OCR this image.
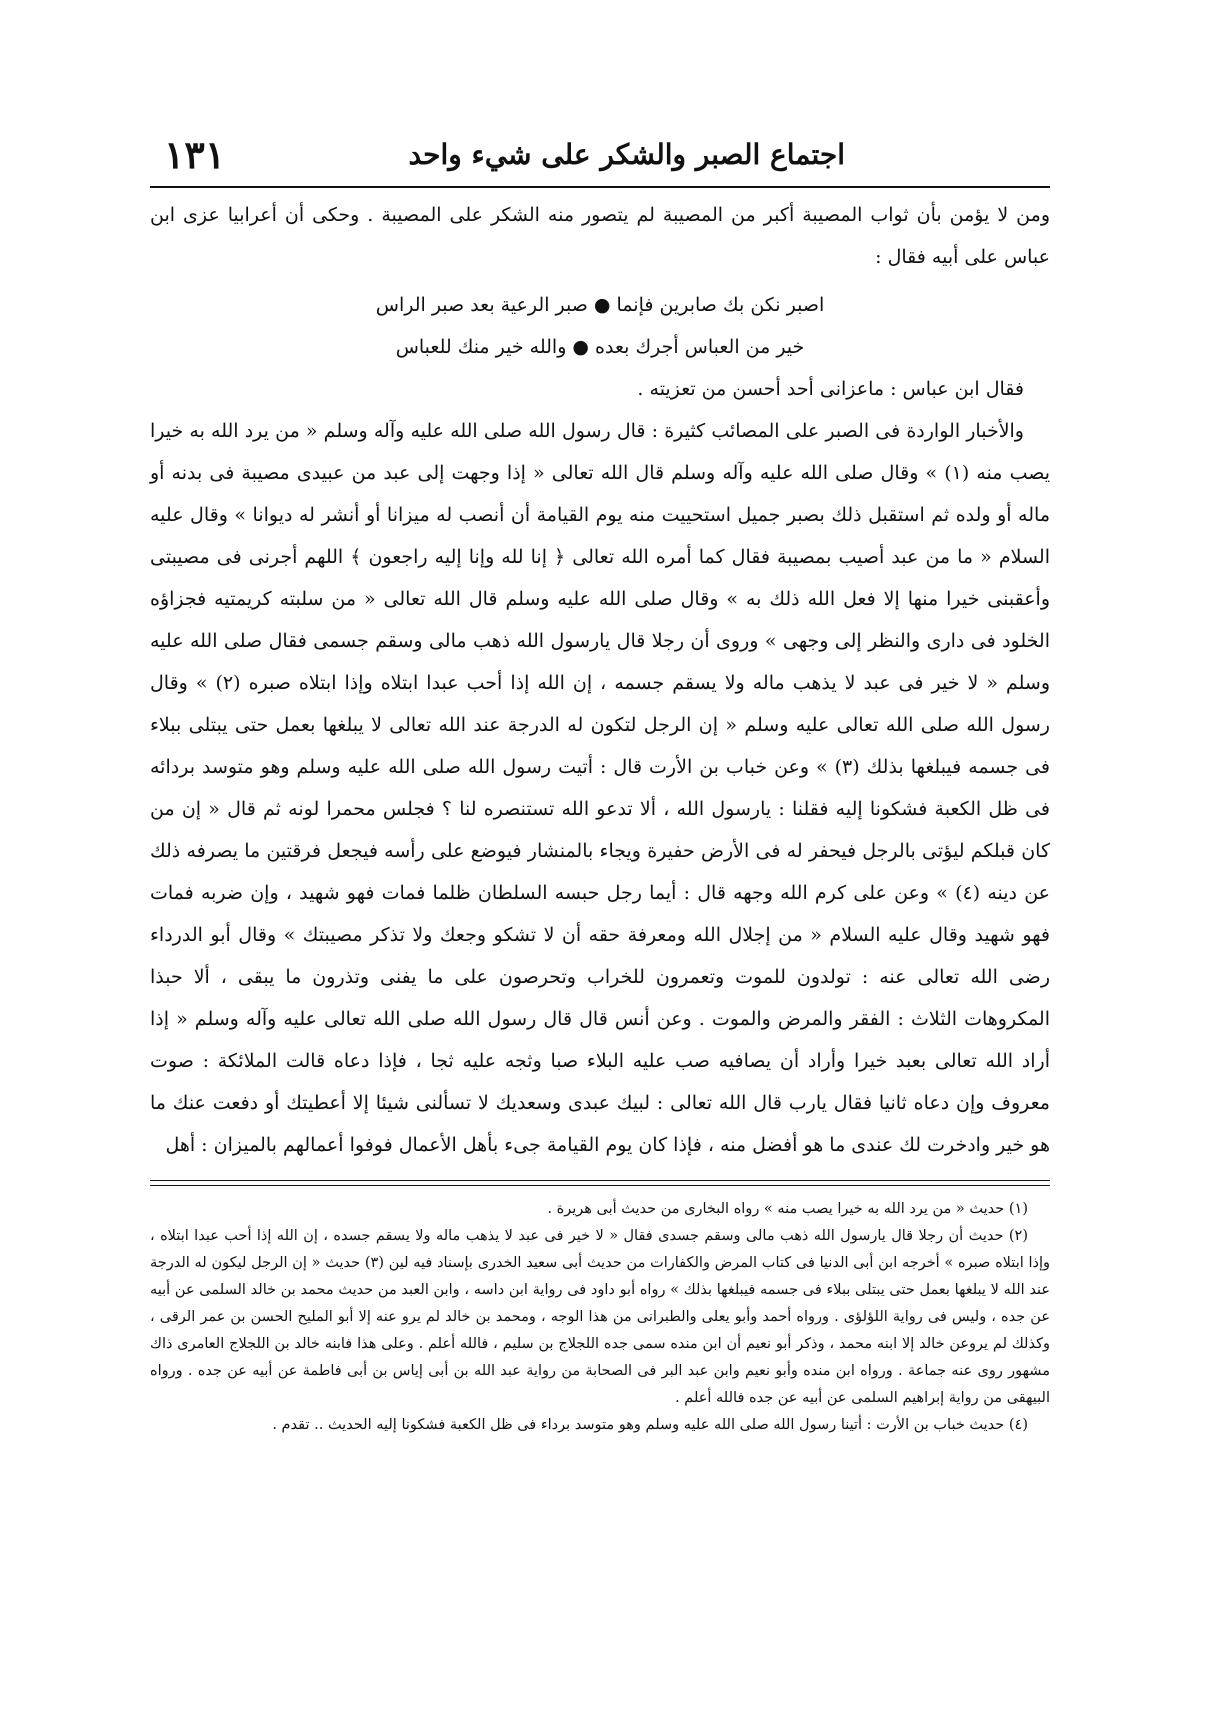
اجتماع الصبر والشكر على شيء واحد
١٣١

ومن لا يؤمن بأن ثواب المصيبة أكبر من المصيبة لم يتصور منه الشكر على المصيبة . وحكى أن أعرابيا عزى ابن عباس على أبيه فقال :

اصبر نكن بك صابرين فإنما ● صبر الرعية بعد صبر الراس
خير من العباس أجرك بعده ● والله خير منك للعباس

فقال ابن عباس : ماعزانى أحد أحسن من تعزيته .

والأخبار الواردة فى الصبر على المصائب كثيرة : قال رسول الله صلى الله عليه وآله وسلم « من يرد الله به خيرا يصب منه (١) » وقال صلى الله عليه وآله وسلم قال الله تعالى « إذا وجهت إلى عبد من عبيدى مصيبة فى بدنه أو ماله أو ولده ثم استقبل ذلك بصبر جميل استحييت منه يوم القيامة أن أنصب له ميزانا أو أنشر له ديوانا » وقال عليه السلام « ما من عبد أصيب بمصيبة فقال كما أمره الله تعالى ﴿ إنا لله وإنا إليه راجعون ﴾ اللهم أجرنى فى مصيبتى وأعقبنى خيرا منها إلا فعل الله ذلك به » وقال صلى الله عليه وسلم قال الله تعالى « من سلبته كريمتيه فجزاؤه الخلود فى دارى والنظر إلى وجهى » وروى أن رجلا قال يارسول الله ذهب مالى وسقم جسمى فقال صلى الله عليه وسلم « لا خير فى عبد لا يذهب ماله ولا يسقم جسمه ، إن الله إذا أحب عبدا ابتلاه وإذا ابتلاه صبره (٢) » وقال رسول الله صلى الله تعالى عليه وسلم « إن الرجل لتكون له الدرجة عند الله تعالى لا يبلغها بعمل حتى يبتلى ببلاء فى جسمه فيبلغها بذلك (٣) » وعن خباب بن الأرت قال : أتيت رسول الله صلى الله عليه وسلم وهو متوسد بردائه فى ظل الكعبة فشكونا إليه فقلنا : يارسول الله ، ألا تدعو الله تستنصره لنا ؟ فجلس محمرا لونه ثم قال « إن من كان قبلكم ليؤتى بالرجل فيحفر له فى الأرض حفيرة ويجاء بالمنشار فيوضع على رأسه فيجعل فرقتين ما يصرفه ذلك عن دينه (٤) » وعن على كرم الله وجهه قال : أيما رجل حبسه السلطان ظلما فمات فهو شهيد ، وإن ضربه فمات فهو شهيد وقال عليه السلام « من إجلال الله ومعرفة حقه أن لا تشكو وجعك ولا تذكر مصيبتك » وقال أبو الدرداء رضى الله تعالى عنه : تولدون للموت وتعمرون للخراب وتحرصون على ما يفنى وتذرون ما يبقى ، ألا حبذا المكروهات الثلاث : الفقر والمرض والموت . وعن أنس قال قال رسول الله صلى الله تعالى عليه وآله وسلم « إذا أراد الله تعالى بعبد خيرا وأراد أن يصافيه صب عليه البلاء صبا وثجه عليه ثجا ، فإذا دعاه قالت الملائكة : صوت معروف وإن دعاه ثانيا فقال يارب قال الله تعالى : لبيك عبدى وسعديك لا تسألنى شيئا إلا أعطيتك أو دفعت عنك ما هو خير وادخرت لك عندى ما هو أفضل منه ، فإذا كان يوم القيامة جىء بأهل الأعمال فوفوا أعمالهم بالميزان : أهل

(١) حديث « من يرد الله به خيرا يصب منه » رواه البخارى من حديث أبى هريرة .

(٢) حديث أن رجلا قال يارسول الله ذهب مالى وسقم جسدى فقال « لا خير فى عبد لا يذهب ماله ولا يسقم جسده ، إن الله إذا أحب عبدا ابتلاه ، وإذا ابتلاه صبره » أخرجه ابن أبى الدنيا فى كتاب المرض والكفارات من حديث أبى سعيد الخدرى بإسناد فيه لين (٣) حديث « إن الرجل ليكون له الدرجة عند الله لا يبلغها بعمل حتى يبتلى ببلاء فى جسمه فيبلغها بذلك » رواه أبو داود فى رواية ابن داسه ، وابن العبد من حديث محمد بن خالد السلمى عن أبيه عن جده ، وليس فى رواية اللؤلؤى . ورواه أحمد وأبو يعلى والطبرانى من هذا الوجه ، ومحمد بن خالد لم يرو عنه إلا أبو المليح الحسن بن عمر الرقى ، وكذلك لم يروعن خالد إلا ابنه محمد ، وذكر أبو نعيم أن ابن منده سمى جده اللجلاج بن سليم ، فالله أعلم . وعلى هذا فابنه خالد بن اللجلاج العامرى ذاك مشهور روى عنه جماعة . ورواه ابن منده وأبو نعيم وابن عبد البر فى الصحابة من رواية عبد الله بن أبى إياس بن أبى فاطمة عن أبيه عن جده . ورواه البيهقى من رواية إبراهيم السلمى عن أبيه عن جده فالله أعلم .

(٤) حديث خباب بن الأرت : أتينا رسول الله صلى الله عليه وسلم وهو متوسد برداء فى ظل الكعبة فشكونا إليه الحديث .. تقدم .
